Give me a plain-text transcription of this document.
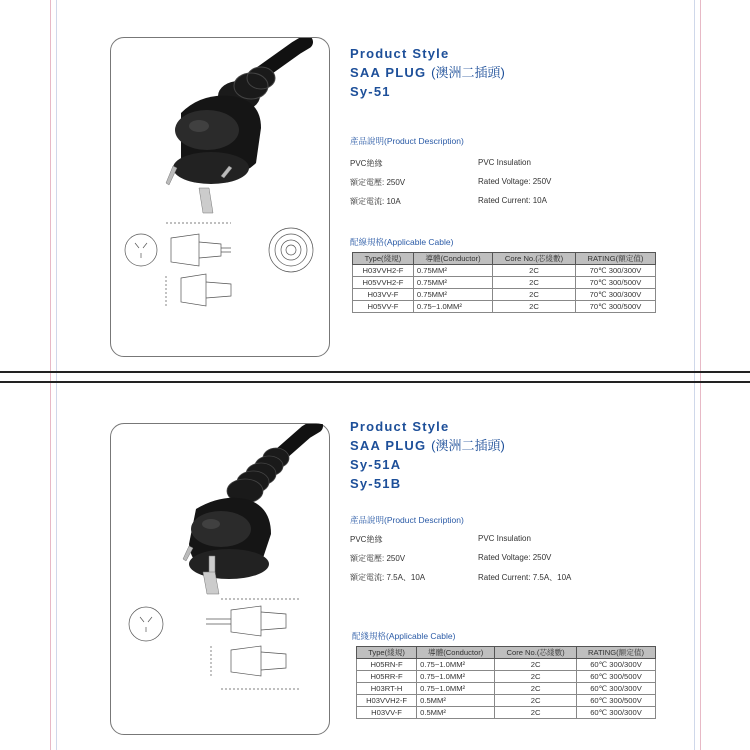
Product Style
SAA PLUG (澳洲二插頭)
Sy-51
產品說明(Product Description)
PVC絶緣	PVC Insulation
額定電壓: 250V	Rated Voltage: 250V
額定電流: 10A	Rated Current: 10A
配線規格(Applicable Cable)
Type(綫規)	導體(Conductor)	Core No.(芯綫數)	RATING(額定值)
H03VVH2-F	0.75MM²	2C	70℃ 300/300V
H05VVH2-F	0.75MM²	2C	70℃ 300/500V
H03VV-F	0.75MM²	2C	70℃ 300/300V
H05VV-F	0.75~1.0MM²	2C	70℃ 300/500V
Product Style
SAA PLUG (澳洲二插頭)
Sy-51A
Sy-51B
產品說明(Product Description)
PVC絶緣	PVC Insulation
額定電壓: 250V	Rated Voltage: 250V
額定電流: 7.5A、10A	Rated Current: 7.5A、10A
配綫規格(Applicable Cable)
Type(綫規)	導體(Conductor)	Core No.(芯綫數)	RATING(額定值)
H05RN-F	0.75~1.0MM²	2C	60℃ 300/300V
H05RR-F	0.75~1.0MM²	2C	60℃ 300/500V
H03RT-H	0.75~1.0MM²	2C	60℃ 300/300V
H03VVH2-F	0.5MM²	2C	60℃ 300/500V
H03VV-F	0.5MM²	2C	60℃ 300/300V
